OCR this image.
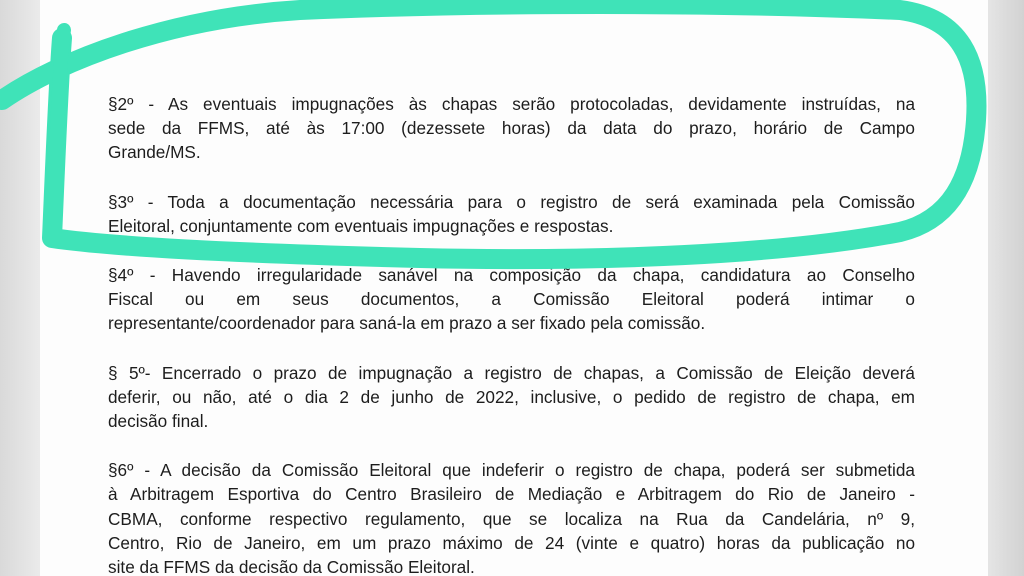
§2º - As eventuais impugnações às chapas serão protocoladas, devidamente instruídas, na
sede da FFMS, até às 17:00 (dezessete horas) da data do prazo, horário de Campo
Grande/MS.
§3º - Toda a documentação necessária para o registro de será examinada pela Comissão
Eleitoral, conjuntamente com eventuais impugnações e respostas.
§4º - Havendo irregularidade sanável na composição da chapa, candidatura ao Conselho
Fiscal ou em seus documentos, a Comissão Eleitoral poderá intimar o
representante/coordenador para saná-la em prazo a ser fixado pela comissão.
§ 5º- Encerrado o prazo de impugnação a registro de chapas, a Comissão de Eleição deverá
deferir, ou não, até o dia 2 de junho de 2022, inclusive, o pedido de registro de chapa, em
decisão final.
§6º - A decisão da Comissão Eleitoral que indeferir o registro de chapa, poderá ser submetida
à Arbitragem Esportiva do Centro Brasileiro de Mediação e Arbitragem do Rio de Janeiro -
CBMA, conforme respectivo regulamento, que se localiza na Rua da Candelária, nº 9,
Centro, Rio de Janeiro, em um prazo máximo de 24 (vinte e quatro) horas da publicação no
site da FFMS da decisão da Comissão Eleitoral.
